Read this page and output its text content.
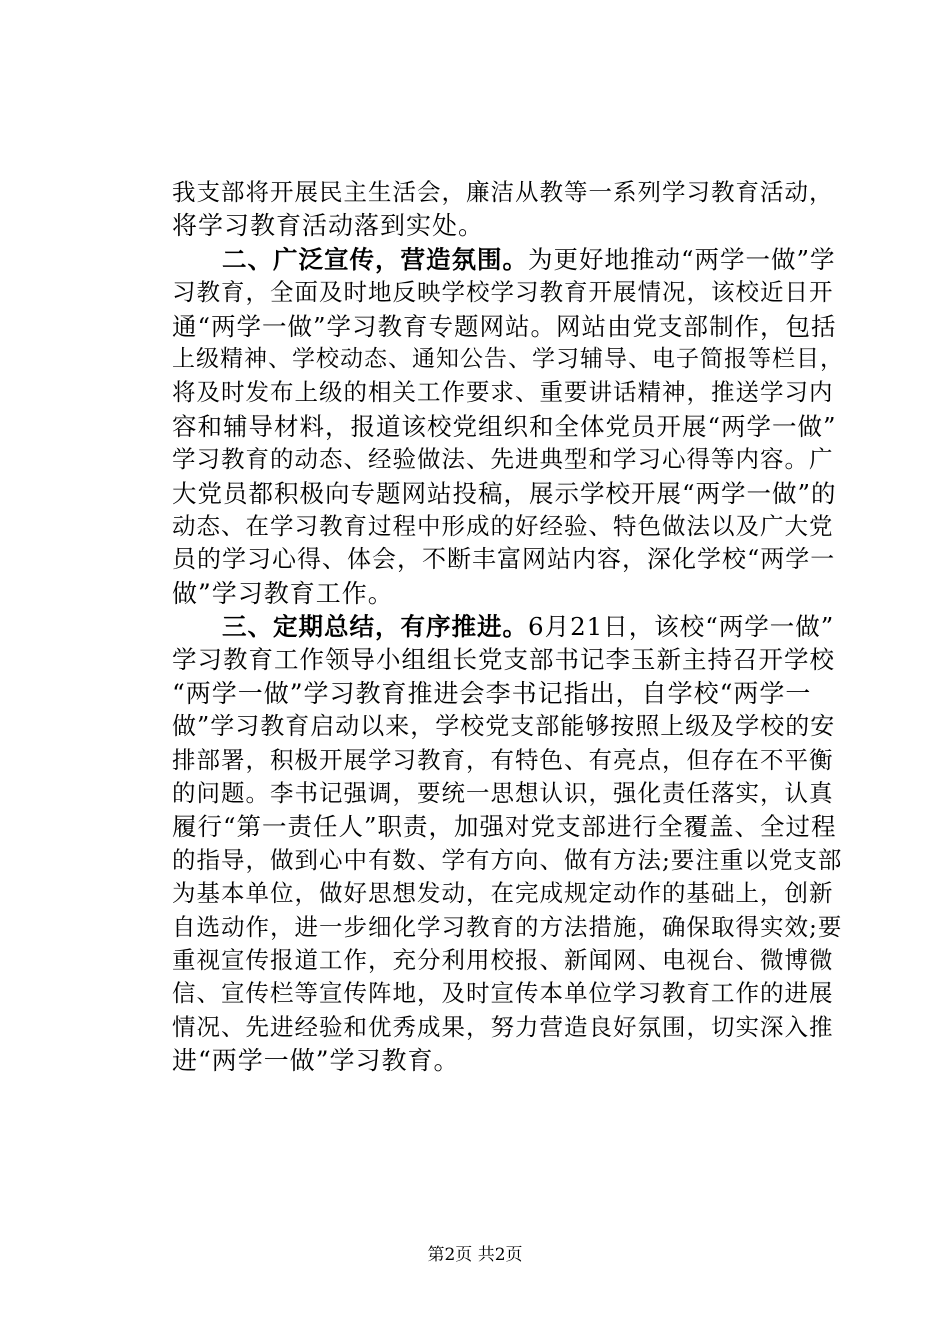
我支部将开展民主生活会，廉洁从教等一系列学习教育活动，
将学习教育活动落到实处。
二、广泛宣传，营造氛围。为更好地推动“两学一做”学
习教育，全面及时地反映学校学习教育开展情况，该校近日开
通“两学一做”学习教育专题网站。网站由党支部制作，包括
上级精神、学校动态、通知公告、学习辅导、电子简报等栏目，
将及时发布上级的相关工作要求、重要讲话精神，推送学习内
容和辅导材料，报道该校党组织和全体党员开展“两学一做”
学习教育的动态、经验做法、先进典型和学习心得等内容。广
大党员都积极向专题网站投稿，展示学校开展“两学一做”的
动态、在学习教育过程中形成的好经验、特色做法以及广大党
员的学习心得、体会，不断丰富网站内容，深化学校“两学一
做”学习教育工作。
三、定期总结，有序推进。6月21日，该校“两学一做”
学习教育工作领导小组组长党支部书记李玉新主持召开学校
“两学一做”学习教育推进会李书记指出，自学校“两学一
做”学习教育启动以来，学校党支部能够按照上级及学校的安
排部署，积极开展学习教育，有特色、有亮点，但存在不平衡
的问题。李书记强调，要统一思想认识，强化责任落实，认真
履行“第一责任人”职责，加强对党支部进行全覆盖、全过程
的指导，做到心中有数、学有方向、做有方法;要注重以党支部
为基本单位，做好思想发动，在完成规定动作的基础上，创新
自选动作，进一步细化学习教育的方法措施，确保取得实效;要
重视宣传报道工作，充分利用校报、新闻网、电视台、微博微
信、宣传栏等宣传阵地，及时宣传本单位学习教育工作的进展
情况、先进经验和优秀成果，努力营造良好氛围，切实深入推
进“两学一做”学习教育。
第2页 共2页
